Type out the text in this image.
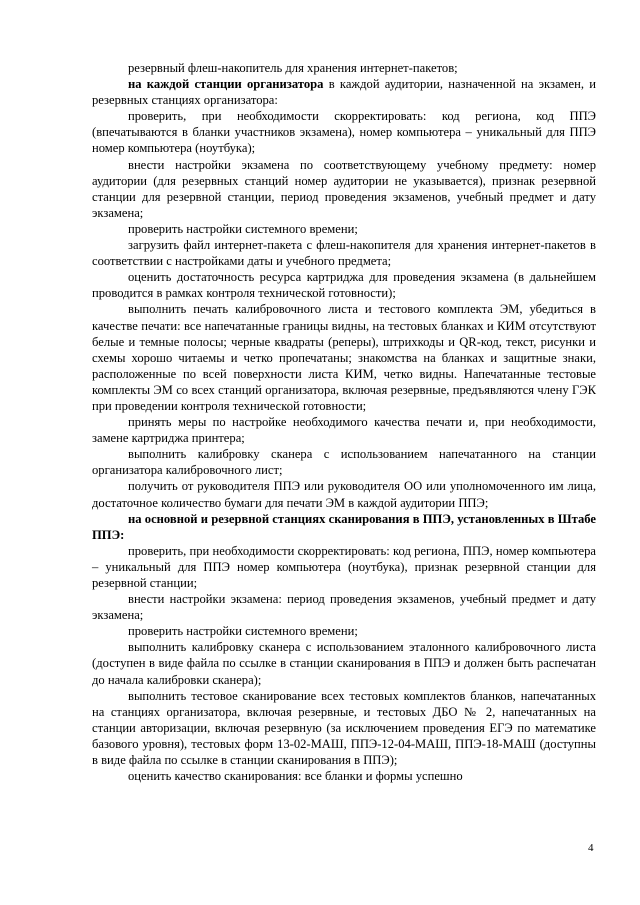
резервный флеш-накопитель для хранения интернет-пакетов;

на каждой станции организатора в каждой аудитории, назначенной на экзамен, и резервных станциях организатора:

проверить, при необходимости скорректировать: код региона, код ППЭ (впечатываются в бланки участников экзамена), номер компьютера – уникальный для ППЭ номер компьютера (ноутбука);

внести настройки экзамена по соответствующему учебному предмету: номер аудитории (для резервных станций номер аудитории не указывается), признак резервной станции для резервной станции, период проведения экзаменов, учебный предмет и дату экзамена;

проверить настройки системного времени;

загрузить файл интернет-пакета с флеш-накопителя для хранения интернет-пакетов в соответствии с настройками даты и учебного предмета;

оценить достаточность ресурса картриджа для проведения экзамена (в дальнейшем проводится в рамках контроля технической готовности);

выполнить печать калибровочного листа и тестового комплекта ЭМ, убедиться в качестве печати: все напечатанные границы видны, на тестовых бланках и КИМ отсутствуют белые и темные полосы; черные квадраты (реперы), штрихкоды и QR-код, текст, рисунки и схемы хорошо читаемы и четко пропечатаны; знакомства на бланках и защитные знаки, расположенные по всей поверхности листа КИМ, четко видны. Напечатанные тестовые комплекты ЭМ со всех станций организатора, включая резервные, предъявляются члену ГЭК при проведении контроля технической готовности;

принять меры по настройке необходимого качества печати и, при необходимости, замене картриджа принтера;

выполнить калибровку сканера с использованием напечатанного на станции организатора калибровочного лист;

получить от руководителя ППЭ или руководителя ОО или уполномоченного им лица, достаточное количество бумаги для печати ЭМ в каждой аудитории ППЭ;

на основной и резервной станциях сканирования в ППЭ, установленных в Штабе ППЭ:

проверить, при необходимости скорректировать: код региона, ППЭ, номер компьютера – уникальный для ППЭ номер компьютера (ноутбука), признак резервной станции для резервной станции;

внести настройки экзамена: период проведения экзаменов, учебный предмет и дату экзамена;

проверить настройки системного времени;

выполнить калибровку сканера с использованием эталонного калибровочного листа (доступен в виде файла по ссылке в станции сканирования в ППЭ и должен быть распечатан до начала калибровки сканера);

выполнить тестовое сканирование всех тестовых комплектов бланков, напечатанных на станциях организатора, включая резервные, и тестовых ДБО № 2, напечатанных на станции авторизации, включая резервную (за исключением проведения ЕГЭ по математике базового уровня), тестовых форм 13-02-МАШ, ППЭ-12-04-МАШ, ППЭ-18-МАШ (доступны в виде файла по ссылке в станции сканирования в ППЭ);

оценить качество сканирования: все бланки и формы успешно

4
